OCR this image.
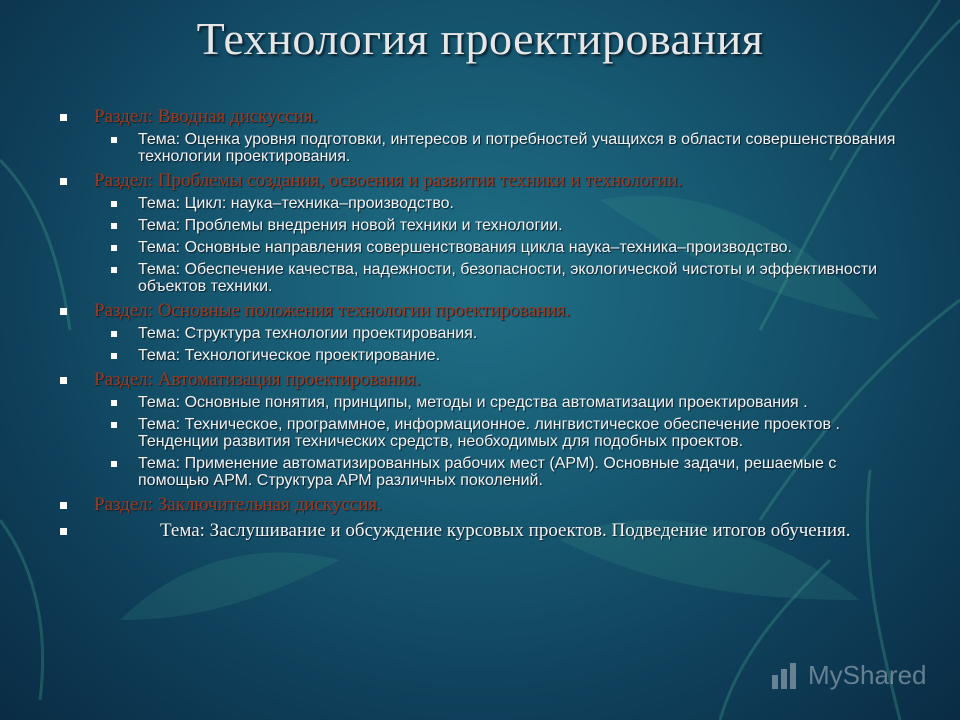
Технология проектирования
Раздел: Вводная дискуссия.
Тема: Оценка уровня подготовки, интересов и потребностей учащихся в области совершенствования технологии проектирования.
Раздел: Проблемы создания, освоения и развития техники и технологии.
Тема: Цикл: наука–техника–производство.
Тема: Проблемы внедрения новой техники и технологии.
Тема: Основные направления совершенствования цикла наука–техника–производство.
Тема: Обеспечение качества, надежности, безопасности, экологической чистоты и эффективности объектов техники.
Раздел: Основные положения технологии проектирования.
Тема: Структура технологии проектирования.
Тема: Технологическое проектирование.
Раздел: Автоматизация проектирования.
Тема: Основные понятия, принципы, методы и средства автоматизации проектирования .
Тема: Техническое, программное, информационное. лингвистическое обеспечение проектов . Тенденции развития технических средств, необходимых для подобных проектов.
Тема: Применение автоматизированных рабочих мест (АРМ). Основные задачи, решаемые с помощью АРМ. Структура АРМ различных поколений.
Раздел: Заключительная дискуссия.
Тема: Заслушивание и обсуждение курсовых проектов. Подведение итогов обучения.
MyShared
